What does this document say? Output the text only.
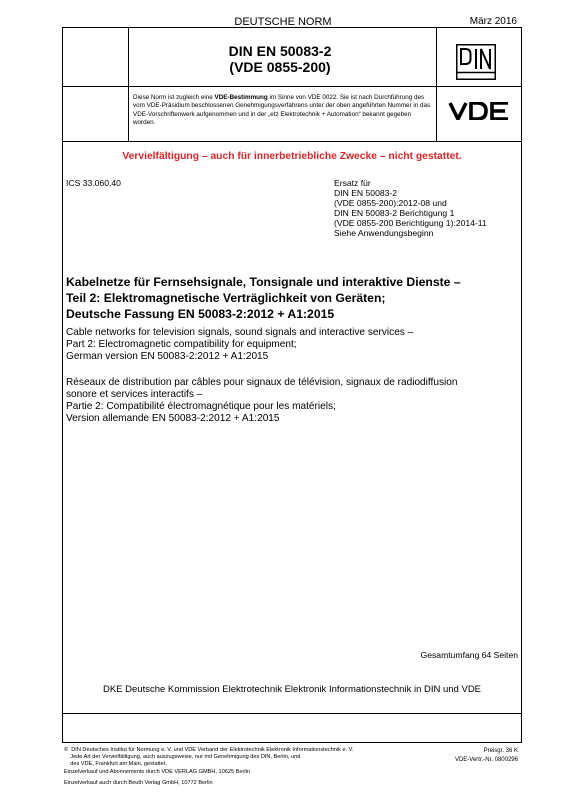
DEUTSCHE NORM	März 2016
DIN EN 50083-2
(VDE 0855-200)
Diese Norm ist zugleich eine VDE-Bestimmung im Sinne von VDE 0022. Sie ist nach Durchführung des vom VDE-Präsidium beschlossenen Genehmigungsverfahrens unter der oben angeführten Nummer in das VDE-Vorschriftenwerk aufgenommen und in der „etz Elektrotechnik + Automation“ bekannt gegeben worden.
Vervielfältigung – auch für innerbetriebliche Zwecke – nicht gestattet.
ICS 33.060.40	Ersatz für
DIN EN 50083-2
(VDE 0855-200):2012-08 und
DIN EN 50083-2 Berichtigung 1
(VDE 0855-200 Berichtigung 1):2014-11
Siehe Anwendungsbeginn
Kabelnetze für Fernsehsignale, Tonsignale und interaktive Dienste –
Teil 2: Elektromagnetische Verträglichkeit von Geräten;
Deutsche Fassung EN 50083-2:2012 + A1:2015
Cable networks for television signals, sound signals and interactive services –
Part 2: Electromagnetic compatibility for equipment;
German version EN 50083-2:2012 + A1:2015
Réseaux de distribution par câbles pour signaux de télévision, signaux de radiodiffusion
sonore et services interactifs –
Partie 2: Compatibilité électromagnétique pour les matériels;
Version allemande EN 50083-2:2012 + A1:2015
Gesamtumfang 64 Seiten
DKE Deutsche Kommission Elektrotechnik Elektronik Informationstechnik in DIN und VDE
©  DIN Deutsches Institut für Normung e. V. und VDE Verband der Elektrotechnik Elektronik Informationstechnik e. V.
Jede Art der Vervielfältigung, auch auszugsweise, nur mit Genehmigung des DIN, Berlin, und
des VDE, Frankfurt am Main, gestattet.
Preisgr. 36 K
VDE-Vertr.-Nr. 0800296
Einzelverkauf und Abonnements durch VDE VERLAG GMBH, 10625 Berlin
Einzelverkauf auch durch Beuth Verlag GmbH, 10772 Berlin
